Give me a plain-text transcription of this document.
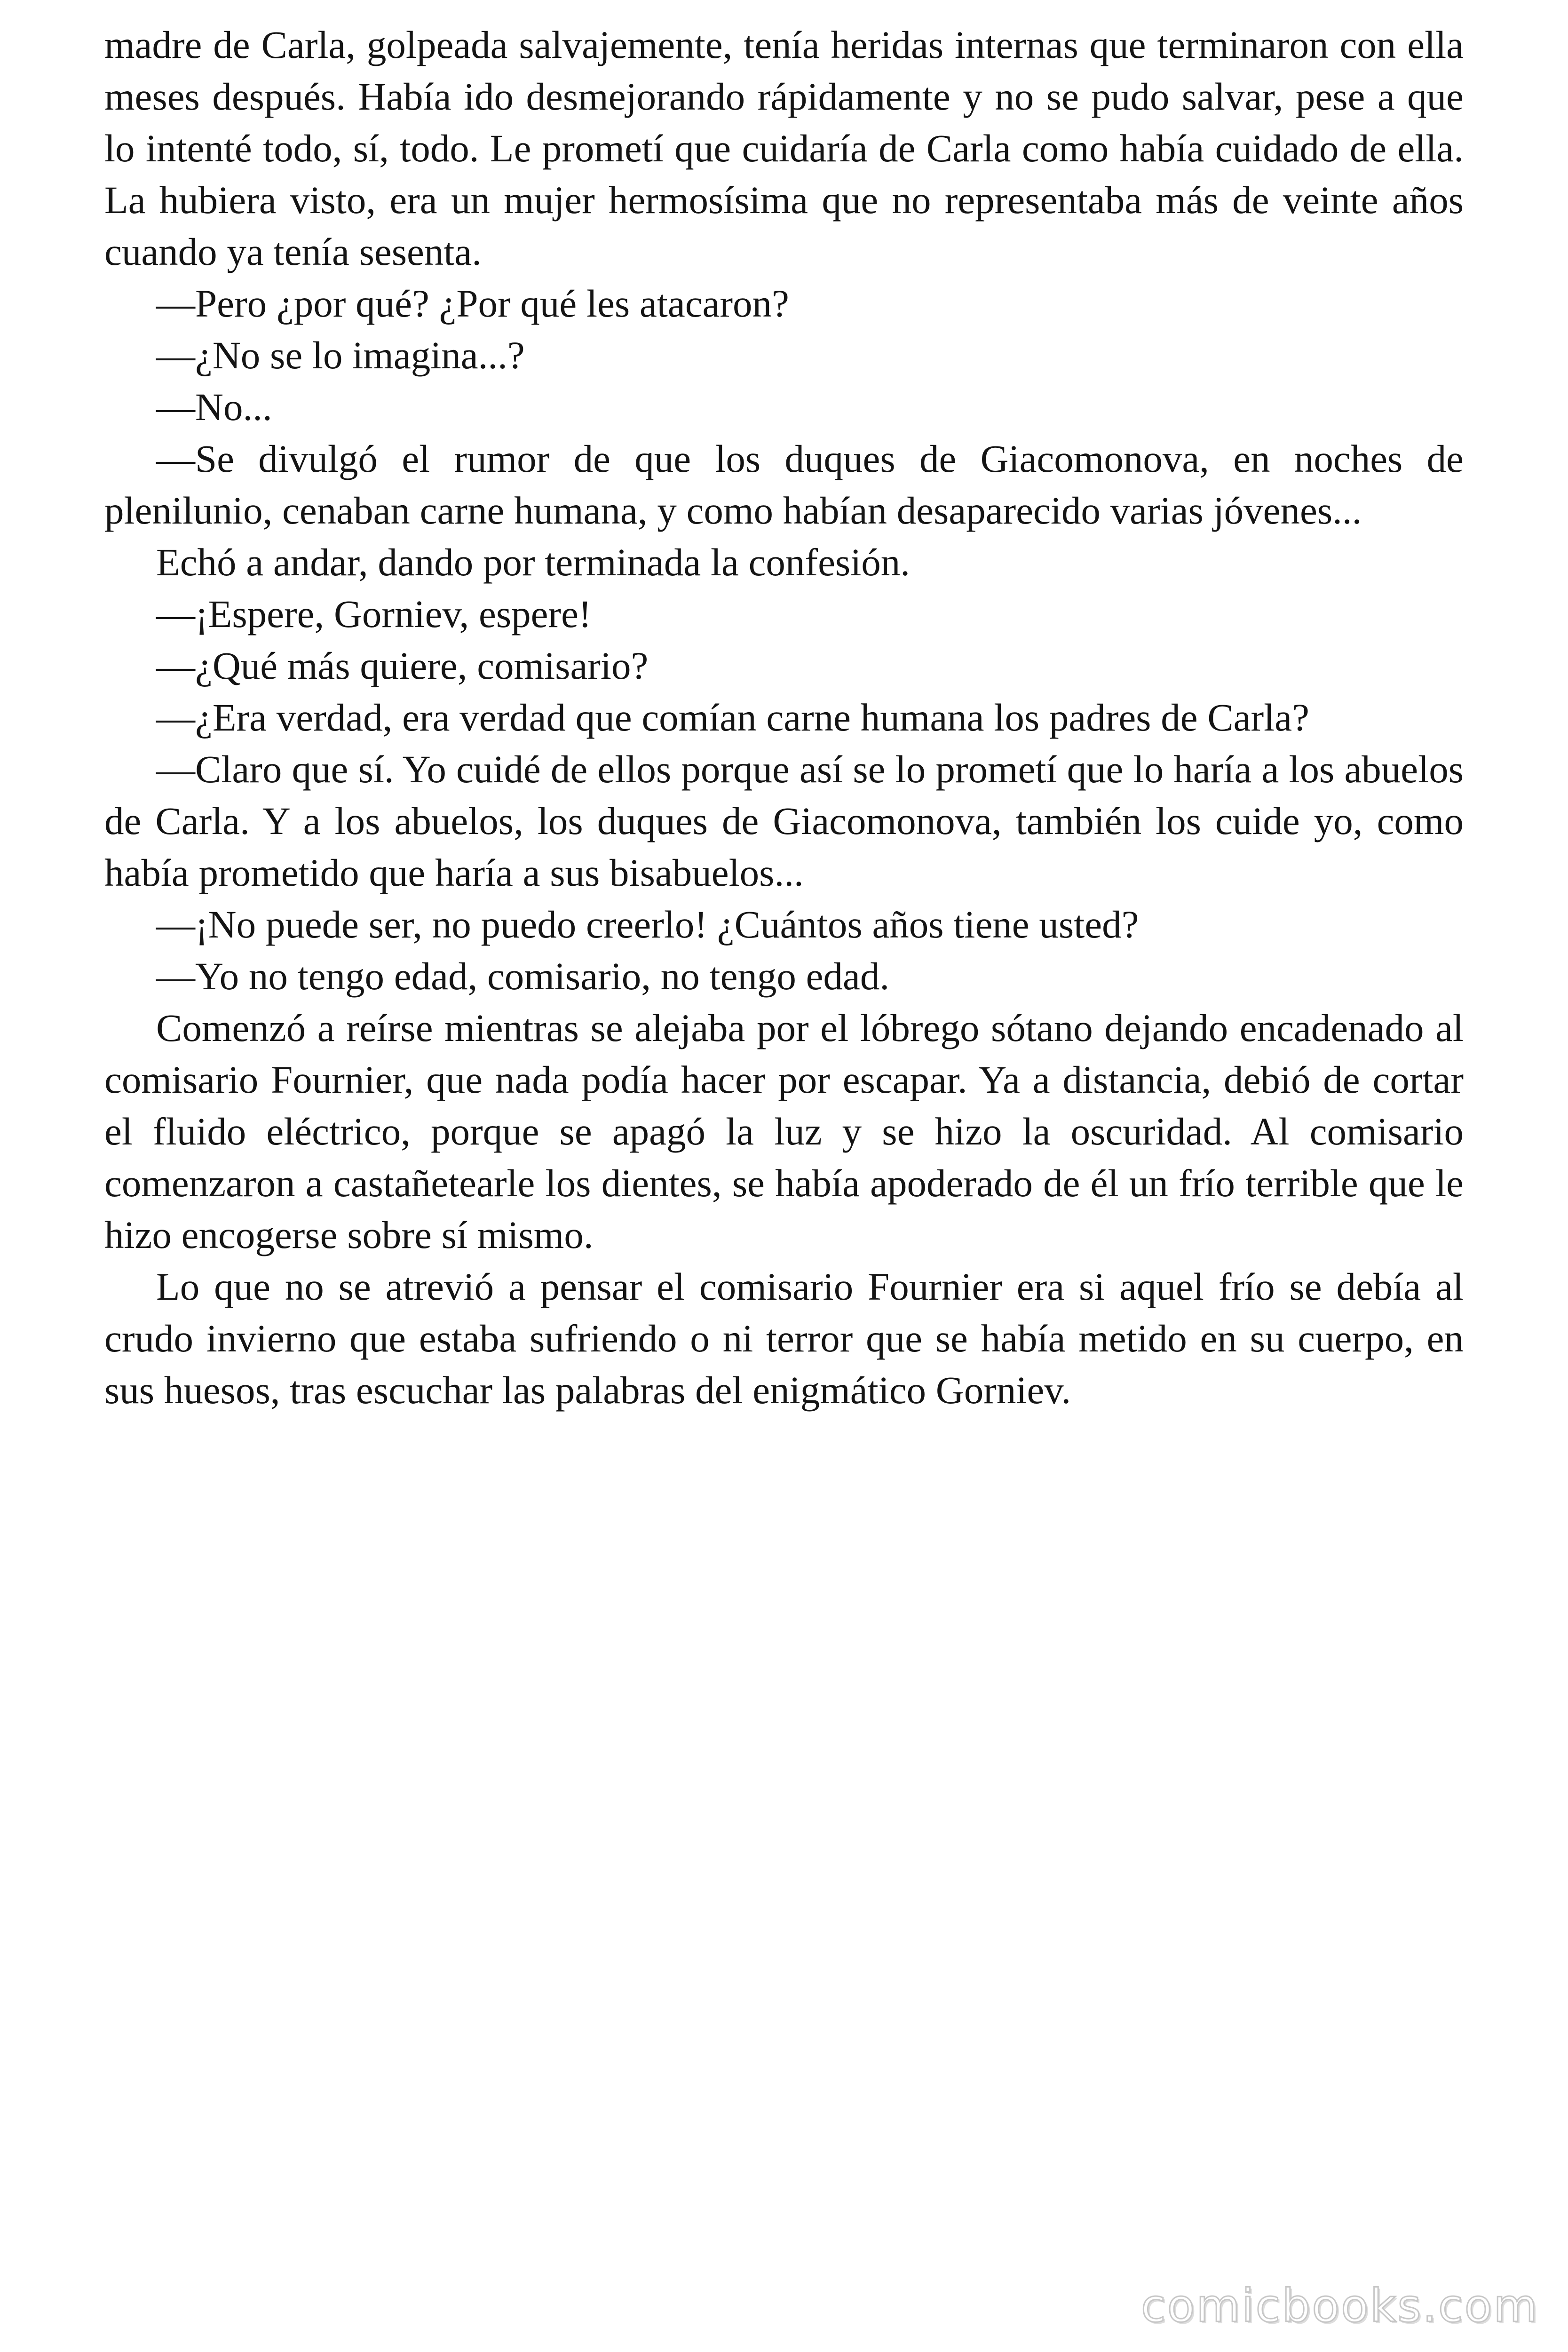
madre de Carla, golpeada salvajemente, tenía heridas internas que terminaron con ella meses después. Había ido desmejorando rápidamente y no se pudo salvar, pese a que lo intenté todo, sí, todo. Le prometí que cuidaría de Carla como había cuidado de ella. La hubiera visto, era un mujer hermosísima que no representaba más de veinte años cuando ya tenía sesenta.

—Pero ¿por qué? ¿Por qué les atacaron?

—¿No se lo imagina...?

—No...

—Se divulgó el rumor de que los duques de Giacomonova, en noches de plenilunio, cenaban carne humana, y como habían desaparecido varias jóvenes...

Echó a andar, dando por terminada la confesión.

—¡Espere, Gorniev, espere!

—¿Qué más quiere, comisario?

—¿Era verdad, era verdad que comían carne humana los padres de Carla?

—Claro que sí. Yo cuidé de ellos porque así se lo prometí que lo haría a los abuelos de Carla. Y a los abuelos, los duques de Giacomonova, también los cuide yo, como había prometido que haría a sus bisabuelos...

—¡No puede ser, no puedo creerlo! ¿Cuántos años tiene usted?

—Yo no tengo edad, comisario, no tengo edad.

Comenzó a reírse mientras se alejaba por el lóbrego sótano dejando encadenado al comisario Fournier, que nada podía hacer por escapar. Ya a distancia, debió de cortar el fluido eléctrico, porque se apagó la luz y se hizo la oscuridad. Al comisario comenzaron a castañetearle los dientes, se había apoderado de él un frío terrible que le hizo encogerse sobre sí mismo.

Lo que no se atrevió a pensar el comisario Fournier era si aquel frío se debía al crudo invierno que estaba sufriendo o ni terror que se había metido en su cuerpo, en sus huesos, tras escuchar las palabras del enigmático Gorniev.

comicbooks.com
